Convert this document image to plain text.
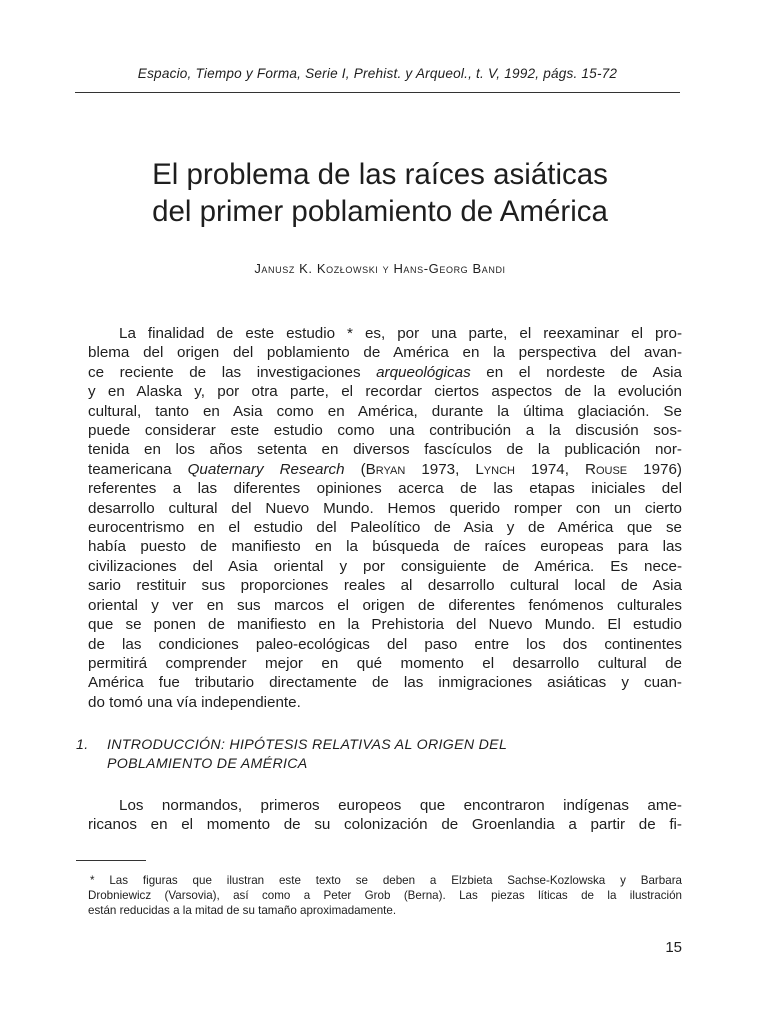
Espacio, Tiempo y Forma, Serie I, Prehist. y Arqueol., t. V, 1992, págs. 15-72
El problema de las raíces asiáticas
del primer poblamiento de América
Janusz K. Kozłowski y Hans-Georg Bandi
La finalidad de este estudio * es, por una parte, el reexaminar el pro-
blema del origen del poblamiento de América en la perspectiva del avan-
ce reciente de las investigaciones arqueológicas en el nordeste de Asia
y en Alaska y, por otra parte, el recordar ciertos aspectos de la evolución
cultural, tanto en Asia como en América, durante la última glaciación. Se
puede considerar este estudio como una contribución a la discusión sos-
tenida en los años setenta en diversos fascículos de la publicación nor-
teamericana Quaternary Research (Bryan 1973, Lynch 1974, Rouse 1976)
referentes a las diferentes opiniones acerca de las etapas iniciales del
desarrollo cultural del Nuevo Mundo. Hemos querido romper con un cierto
eurocentrismo en el estudio del Paleolítico de Asia y de América que se
había puesto de manifiesto en la búsqueda de raíces europeas para las
civilizaciones del Asia oriental y por consiguiente de América. Es nece-
sario restituir sus proporciones reales al desarrollo cultural local de Asia
oriental y ver en sus marcos el origen de diferentes fenómenos culturales
que se ponen de manifiesto en la Prehistoria del Nuevo Mundo. El estudio
de las condiciones paleo-ecológicas del paso entre los dos continentes
permitirá comprender mejor en qué momento el desarrollo cultural de
América fue tributario directamente de las inmigraciones asiáticas y cuan-
do tomó una vía independiente.
1. INTRODUCCIÓN: HIPÓTESIS RELATIVAS AL ORIGEN DEL
POBLAMIENTO DE AMÉRICA
Los normandos, primeros europeos que encontraron indígenas ame-
ricanos en el momento de su colonización de Groenlandia a partir de fi-
* Las figuras que ilustran este texto se deben a Elzbieta Sachse-Kozlowska y Barbara
Drobniewicz (Varsovia), así como a Peter Grob (Berna). Las piezas líticas de la ilustración
están reducidas a la mitad de su tamaño aproximadamente.
15
